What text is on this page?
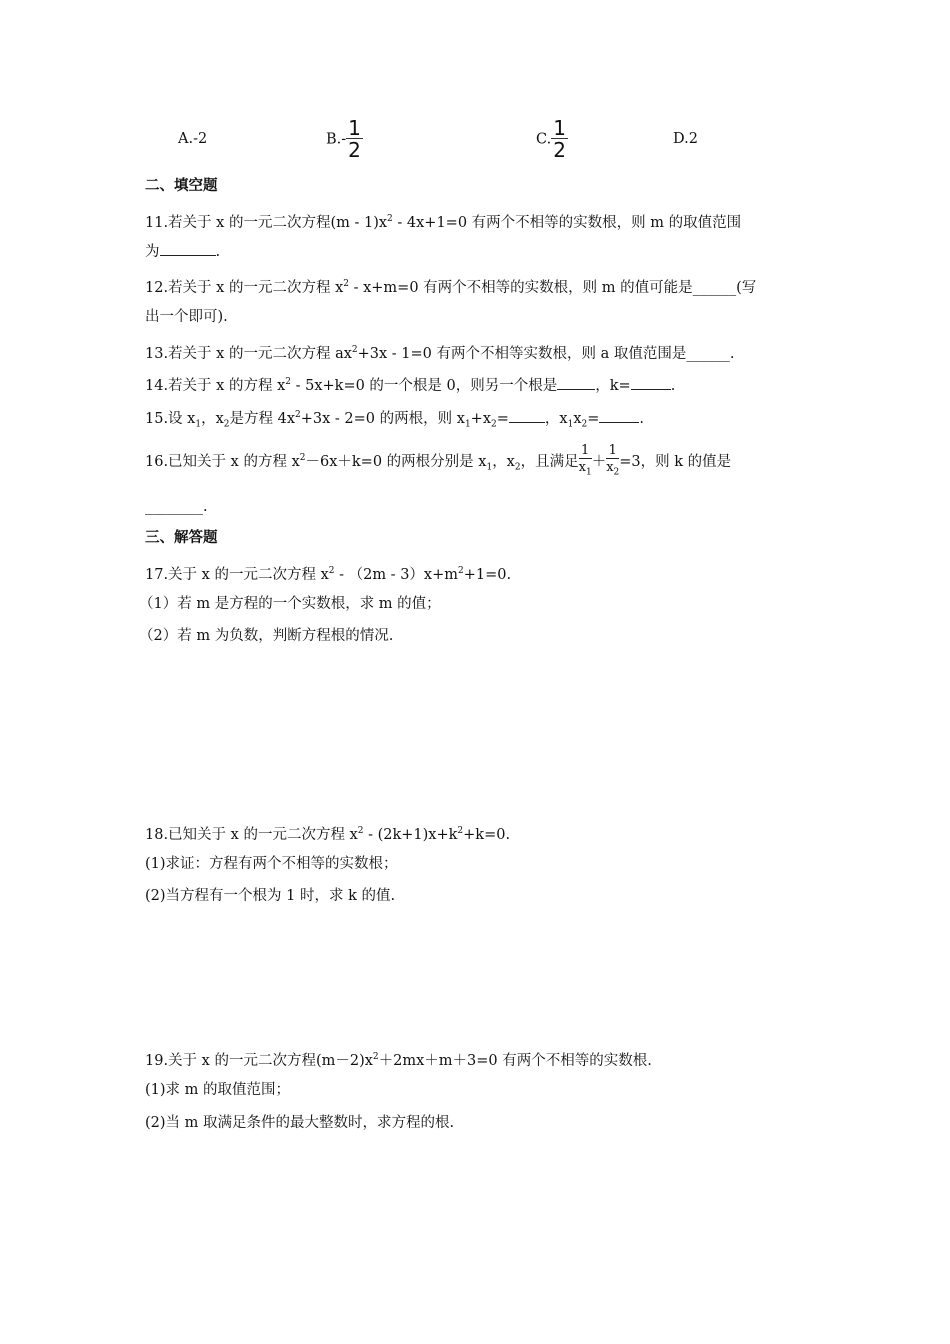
A.-2	$B.- \frac{1}{2}$	C. $\frac{1}{2}$	D.2
二、填空题
11.若关于 x 的一元二次方程$(m - 1)x^2 - 4x+1=0$ 有两个不相等的实数根，则 m 的取值范围
为	.
12.若关于 x 的一元二次方程 $x^2 - x+m=0$ 有两个不相等的实数根，则 m 的值可能是______(写
出一个即可).
13.若关于 x 的一元二次方程 $ax^2+3x - 1=0$ 有两个不相等实数根，则 a 取值范围是______.
14.若关于 x 的方程 $x^2 - 5x+k=0$ 的一个根是 0，则另一个根是	，k=	.
15.设 $x_1$，$x_2$是方程 $4x^2+3x - 2=0$ 的两根，则 $x_1+x_2=$ ，$x_1x_2=$	.
16.已知关于 x 的方程 $x^2-6x+k=0$ 的两根分别是 $x_1$，$x_2$，且满足 $\frac{1}{x_1} + \frac{1}{x_2} =3$，则 k 的值是
________.
三、解答题
17.关于 x 的一元二次方程 $x^2 - (2m - 3)x+m^2+1=0$.
（1）若 m 是方程的一个实数根，求 m 的值；
（2）若 m 为负数，判断方程根的情况.
18.已知关于 x 的一元二次方程 $x^2 - (2k+1)x+k^2+k=0$.
(1)求证：方程有两个不相等的实数根；
(2)当方程有一个根为 1 时，求 k 的值.
19.关于 x 的一元二次方程$(m-2)x^2+2mx+m+3=0$ 有两个不相等的实数根.
(1)求 m 的取值范围；
(2)当 m 取满足条件的最大整数时，求方程的根.
